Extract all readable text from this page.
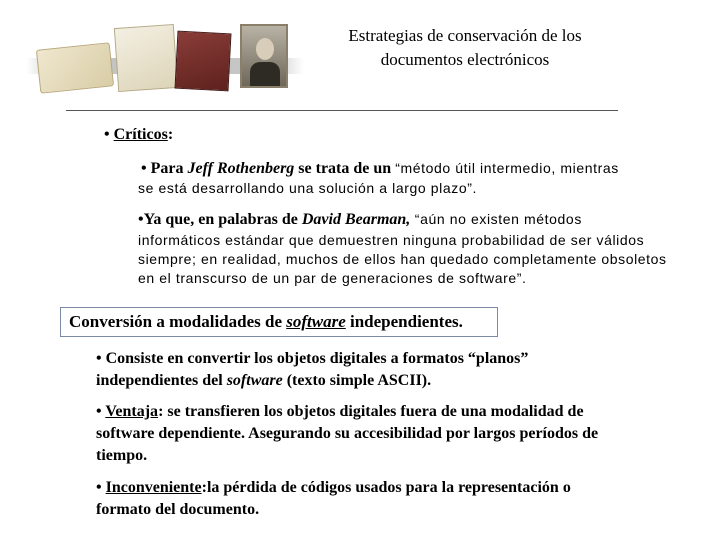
Estrategias de conservación de los
documentos electrónicos
• Críticos:
• Para Jeff Rothenberg se trata de un “método útil intermedio, mientras
se está desarrollando una solución a largo plazo”.
•Ya que, en palabras de David Bearman, “aún no existen métodos
informáticos estándar que demuestren ninguna probabilidad de ser válidos
siempre; en realidad, muchos de ellos han quedado completamente obsoletos
en el transcurso de un par de generaciones de software”.
Conversión a modalidades de software independientes.
• Consiste en convertir los objetos digitales a formatos “planos”
independientes del software (texto simple ASCII).
• Ventaja: se transfieren los objetos digitales fuera de una modalidad de
software dependiente. Asegurando su accesibilidad por largos períodos de
tiempo.
• Inconveniente:la pérdida de códigos usados para la representación o
formato del documento.
